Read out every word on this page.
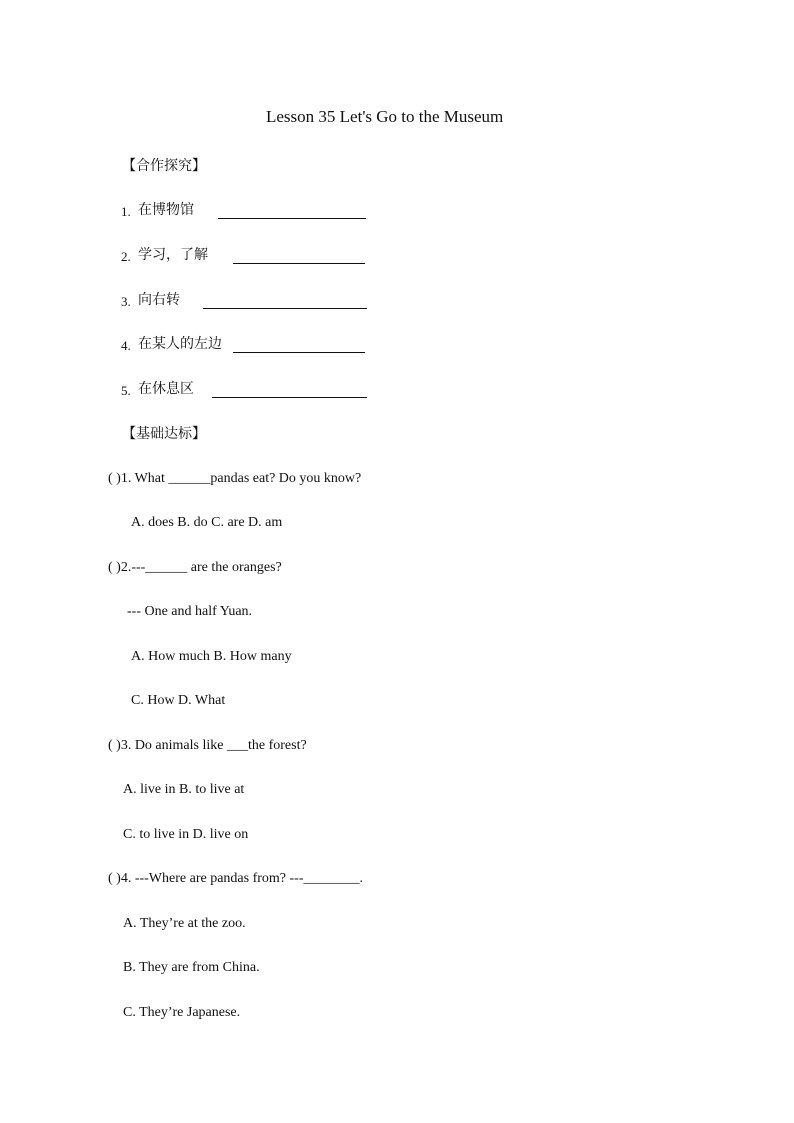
Lesson 35 Let's Go to the Museum
【合作探究】
1. 在博物馆
2. 学习，了解
3. 向右转
4. 在某人的左边
5. 在休息区
【基础达标】
( )1. What ______pandas eat? Do you know?
A. does B. do C. are D. am
( )2.---______ are the oranges?
--- One and half Yuan.
A. How much B. How many
C. How D. What
( )3. Do animals like ___the forest?
A. live in B. to live at
C. to live in D. live on
( )4. ---Where are pandas from? ---________.
A. They’re at the zoo.
B. They are from China.
C. They’re Japanese.
